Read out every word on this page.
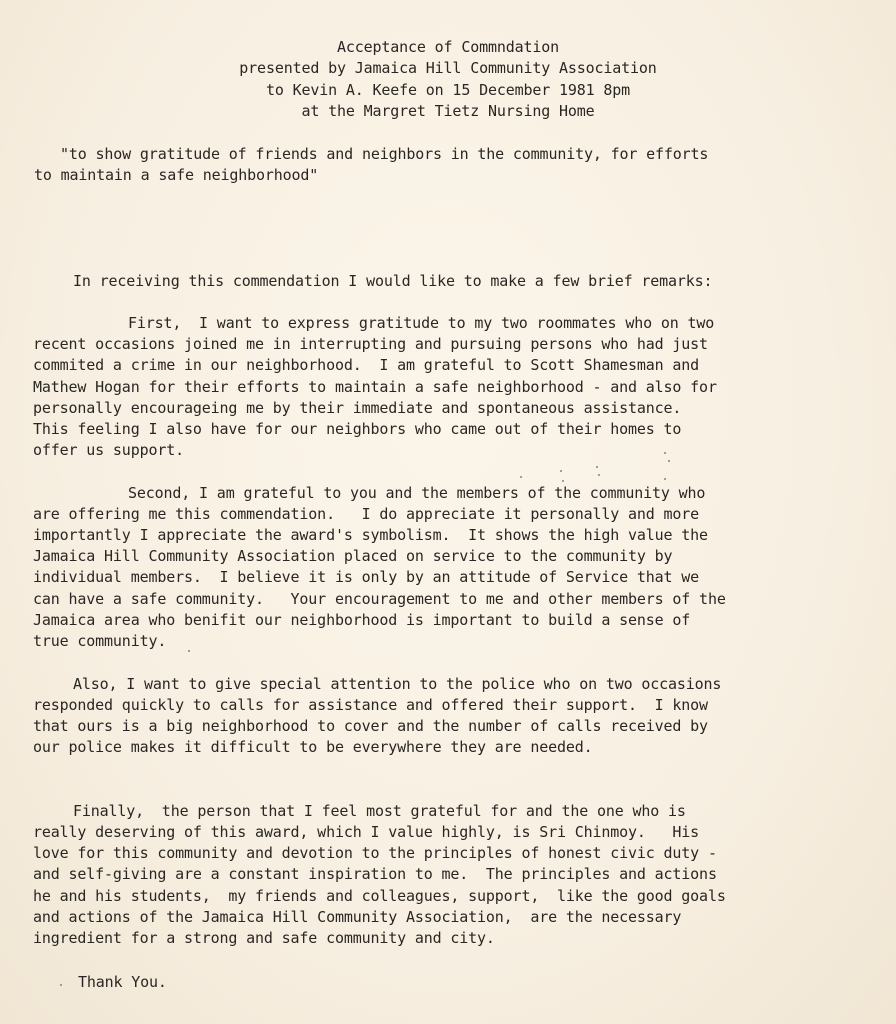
Acceptance of Commndation

presented by Jamaica Hill Community Association

to Kevin A. Keefe on 15 December 1981 8pm

at the Margret Tietz Nursing Home

"to show gratitude of friends and neighbors in the community, for efforts

to maintain a safe neighborhood"

In receiving this commendation I would like to make a few brief remarks:

First,  I want to express gratitude to my two roommates who on two

recent occasions joined me in interrupting and pursuing persons who had just

commited a crime in our neighborhood.  I am grateful to Scott Shamesman and

Mathew Hogan for their efforts to maintain a safe neighborhood - and also for

personally encourageing me by their immediate and spontaneous assistance.

This feeling I also have for our neighbors who came out of their homes to

offer us support.

Second, I am grateful to you and the members of the community who

are offering me this commendation.   I do appreciate it personally and more

importantly I appreciate the award's symbolism.  It shows the high value the

Jamaica Hill Community Association placed on service to the community by

individual members.  I believe it is only by an attitude of Service that we

can have a safe community.   Your encouragement to me and other members of the

Jamaica area who benifit our neighborhood is important to build a sense of

true community.

Also, I want to give special attention to the police who on two occasions

responded quickly to calls for assistance and offered their support.  I know

that ours is a big neighborhood to cover and the number of calls received by

our police makes it difficult to be everywhere they are needed.

Finally,  the person that I feel most grateful for and the one who is

really deserving of this award, which I value highly, is Sri Chinmoy.   His

love for this community and devotion to the principles of honest civic duty -

and self-giving are a constant inspiration to me.  The principles and actions

he and his students,  my friends and colleagues, support,  like the good goals

and actions of the Jamaica Hill Community Association,  are the necessary

ingredient for a strong and safe community and city.

Thank You.
